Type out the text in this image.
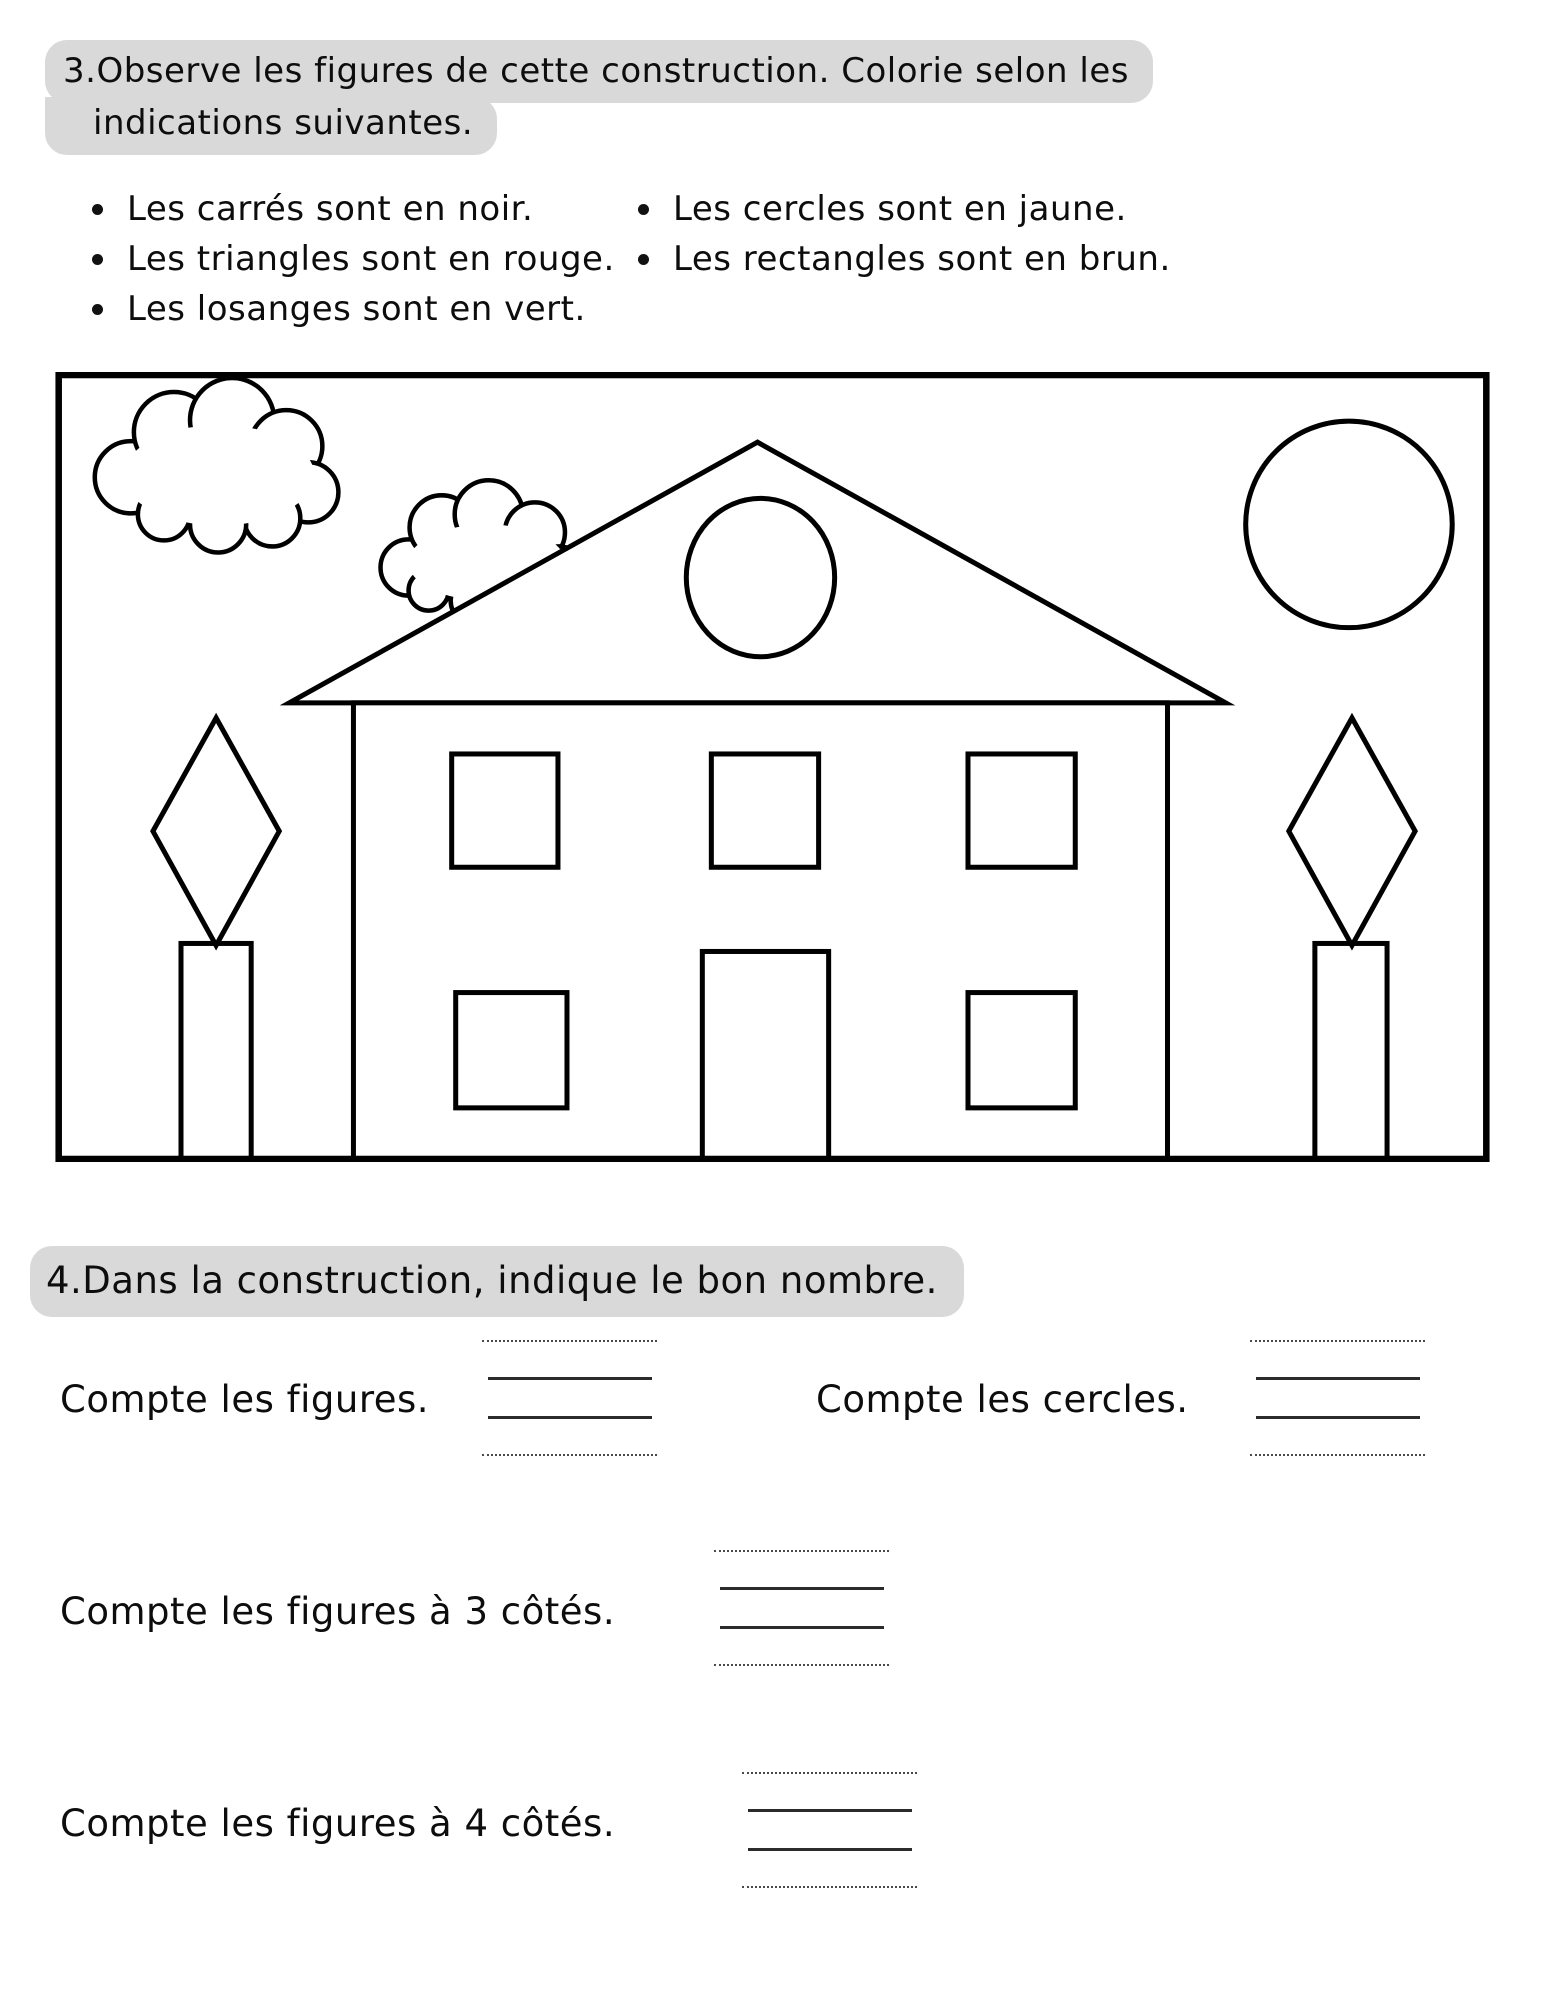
3.Observe les figures de cette construction. Colorie selon les
indications suivantes.
Les carrés sont en noir.
Les triangles sont en rouge.
Les losanges sont en vert.
Les cercles sont en jaune.
Les rectangles sont en brun.
4.Dans la construction, indique le bon nombre.
Compte les figures.	Compte les cercles.
Compte les figures à 3 côtés.
Compte les figures à 4 côtés.
